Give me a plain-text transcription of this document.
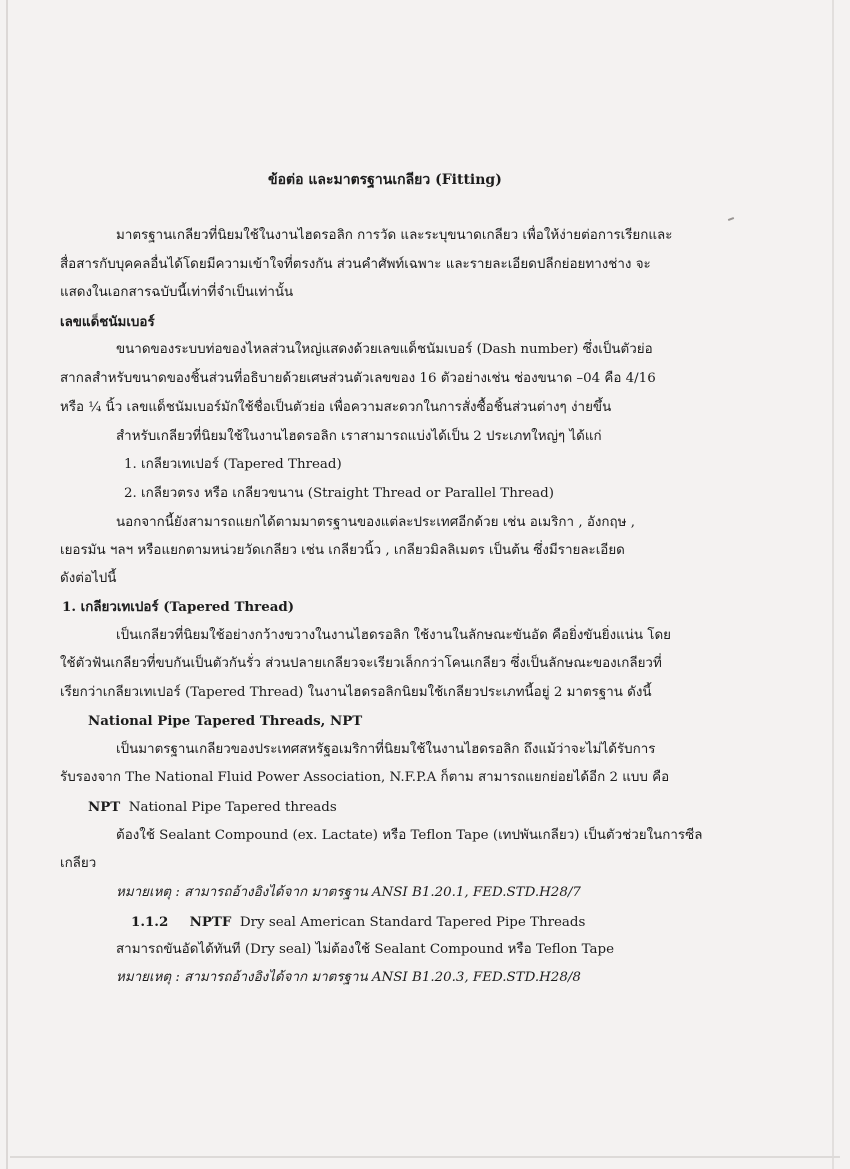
ข้อต่อ และมาตรฐานเกลียว (Fitting)
มาตรฐานเกลียวที่นิยมใช้ในงานไฮดรอลิก การวัด และระบุขนาดเกลียว เพื่อให้ง่ายต่อการเรียกและ
สื่อสารกับบุคคลอื่นได้โดยมีความเข้าใจที่ตรงกัน ส่วนคำศัพท์เฉพาะ และรายละเอียดปลีกย่อยทางช่าง จะ
แสดงในเอกสารฉบับนี้เท่าที่จำเป็นเท่านั้น
เลขแด็ชนัมเบอร์
ขนาดของระบบท่อของไหลส่วนใหญ่แสดงด้วยเลขแด็ชนัมเบอร์ (Dash number) ซึ่งเป็นตัวย่อ
สากลสำหรับขนาดของชิ้นส่วนที่อธิบายด้วยเศษส่วนตัวเลขของ 16 ตัวอย่างเช่น ช่องขนาด –04 คือ 4/16
หรือ ¼ นิ้ว เลขแด็ชนัมเบอร์มักใช้ชื่อเป็นตัวย่อ เพื่อความสะดวกในการสั่งซื้อชิ้นส่วนต่างๆ ง่ายขึ้น
สำหรับเกลียวที่นิยมใช้ในงานไฮดรอลิก เราสามารถแบ่งได้เป็น 2 ประเภทใหญ่ๆ ได้แก่
1. เกลียวเทเปอร์ (Tapered Thread)
2. เกลียวตรง หรือ เกลียวขนาน (Straight Thread or Parallel Thread)
นอกจากนี้ยังสามารถแยกได้ตามมาตรฐานของแต่ละประเทศอีกด้วย เช่น อเมริกา , อังกฤษ ,
เยอรมัน ฯลฯ หรือแยกตามหน่วยวัดเกลียว เช่น เกลียวนิ้ว , เกลียวมิลลิเมตร เป็นต้น ซึ่งมีรายละเอียด
ดังต่อไปนี้
1. เกลียวเทเปอร์ (Tapered Thread)
เป็นเกลียวที่นิยมใช้อย่างกว้างขวางในงานไฮดรอลิก ใช้งานในลักษณะขันอัด คือยิ่งขันยิ่งแน่น โดย
ใช้ตัวฟันเกลียวที่ขบกันเป็นตัวกันรั่ว ส่วนปลายเกลียวจะเรียวเล็กกว่าโคนเกลียว ซึ่งเป็นลักษณะของเกลียวที่
เรียกว่าเกลียวเทเปอร์ (Tapered Thread) ในงานไฮดรอลิกนิยมใช้เกลียวประเภทนี้อยู่ 2 มาตรฐาน ดังนี้
National Pipe Tapered Threads, NPT
เป็นมาตรฐานเกลียวของประเทศสหรัฐอเมริกาที่นิยมใช้ในงานไฮดรอลิก ถึงแม้ว่าจะไม่ได้รับการ
รับรองจาก The National Fluid Power Association, N.F.P.A ก็ตาม สามารถแยกย่อยได้อีก 2 แบบ คือ
NPT National Pipe Tapered threads
ต้องใช้ Sealant Compound (ex. Lactate) หรือ Teflon Tape (เทปพันเกลียว) เป็นตัวช่วยในการซีล
เกลียว
หมายเหตุ : สามารถอ้างอิงได้จาก มาตรฐาน ANSI B1.20.1, FED.STD.H28/7
1.1.2 NPTF Dry seal American Standard Tapered Pipe Threads
สามารถขันอัดได้ทันที (Dry seal) ไม่ต้องใช้ Sealant Compound หรือ Teflon Tape
หมายเหตุ : สามารถอ้างอิงได้จาก มาตรฐาน ANSI B1.20.3, FED.STD.H28/8
